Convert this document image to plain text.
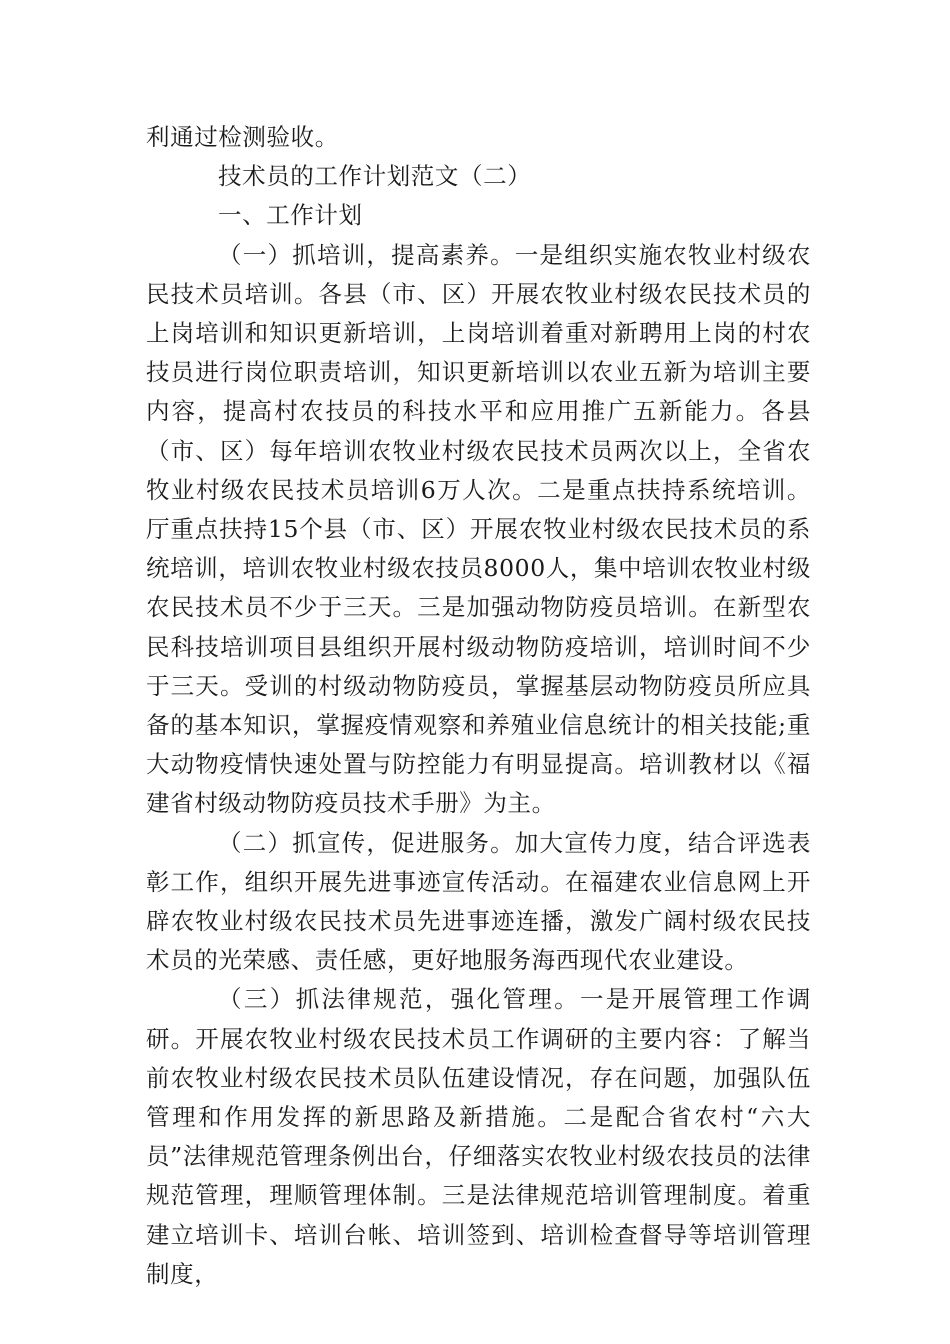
利通过检测验收。

技术员的工作计划范文（二）

一、工作计划

（一）抓培训，提高素养。一是组织实施农牧业村级农民技术员培训。各县（市、区）开展农牧业村级农民技术员的上岗培训和知识更新培训，上岗培训着重对新聘用上岗的村农技员进行岗位职责培训，知识更新培训以农业五新为培训主要内容，提高村农技员的科技水平和应用推广五新能力。各县（市、区）每年培训农牧业村级农民技术员两次以上，全省农牧业村级农民技术员培训6万人次。二是重点扶持系统培训。厅重点扶持15个县（市、区）开展农牧业村级农民技术员的系统培训，培训农牧业村级农技员8000人，集中培训农牧业村级农民技术员不少于三天。三是加强动物防疫员培训。在新型农民科技培训项目县组织开展村级动物防疫培训，培训时间不少于三天。受训的村级动物防疫员，掌握基层动物防疫员所应具备的基本知识，掌握疫情观察和养殖业信息统计的相关技能;重大动物疫情快速处置与防控能力有明显提高。培训教材以《福建省村级动物防疫员技术手册》为主。

（二）抓宣传，促进服务。加大宣传力度，结合评选表彰工作，组织开展先进事迹宣传活动。在福建农业信息网上开辟农牧业村级农民技术员先进事迹连播，激发广阔村级农民技术员的光荣感、责任感，更好地服务海西现代农业建设。

（三）抓法律规范，强化管理。一是开展管理工作调研。开展农牧业村级农民技术员工作调研的主要内容：了解当前农牧业村级农民技术员队伍建设情况，存在问题，加强队伍管理和作用发挥的新思路及新措施。二是配合省农村“六大员”法律规范管理条例出台，仔细落实农牧业村级农技员的法律规范管理，理顺管理体制。三是法律规范培训管理制度。着重建立培训卡、培训台帐、培训签到、培训检查督导等培训管理制度，
